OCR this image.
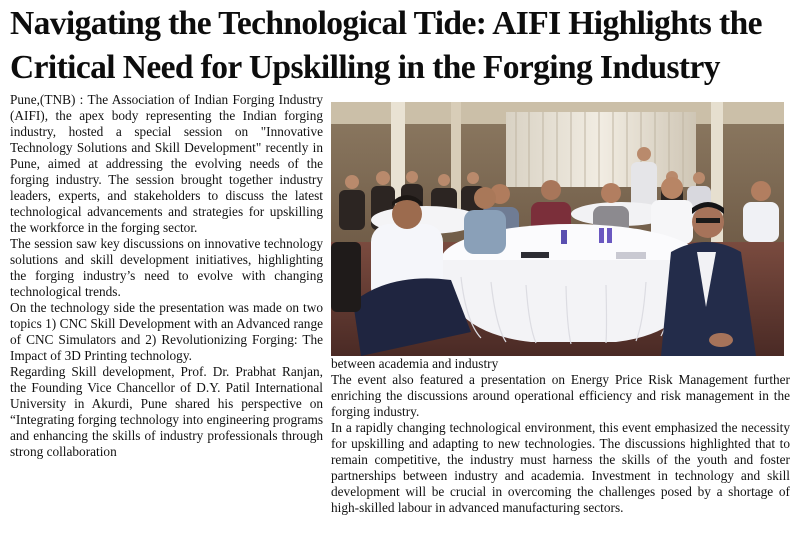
Navigating the Technological Tide: AIFI Highlights the
Critical Need for Upskilling in the Forging Industry

Pune,(TNB) : The Association of Indian Forging Industry (AIFI), the apex body representing the Indian forging industry, hosted a special session on "Innovative Technology Solutions and Skill Development" recently in Pune, aimed at addressing the evolving needs of the forging industry. The session brought together industry leaders, experts, and stakeholders to discuss the latest technological advancements and strategies for upskilling the workforce in the forging sector.

The session saw key discussions on innovative technology solutions and skill development initiatives, highlighting the forging industry’s need to evolve with changing technological trends.

On the technology side the presentation was made on two topics 1) CNC Skill Development with an Advanced range of CNC Simulators and 2) Revolutionizing Forging: The Impact of 3D Printing technology.

Regarding Skill development, Prof. Dr. Prabhat Ranjan, the Founding Vice Chancellor of D.Y. Patil International University in Akurdi, Pune shared his perspective on “Integrating forging technology into engineering programs and enhancing the skills of industry professionals through strong collaboration

between academia and industry

The event also featured a presentation on Energy Price Risk Management further enriching the discussions around operational efficiency and risk management in the forging industry.

In a rapidly changing technological environment, this event emphasized the necessity for upskilling and adapting to new technologies. The discussions highlighted that to remain competitive, the industry must harness the skills of the youth and foster partnerships between industry and academia. Investment in technology and skill development will be crucial in overcoming the challenges posed by a shortage of high-skilled labour in advanced manufacturing sectors.
